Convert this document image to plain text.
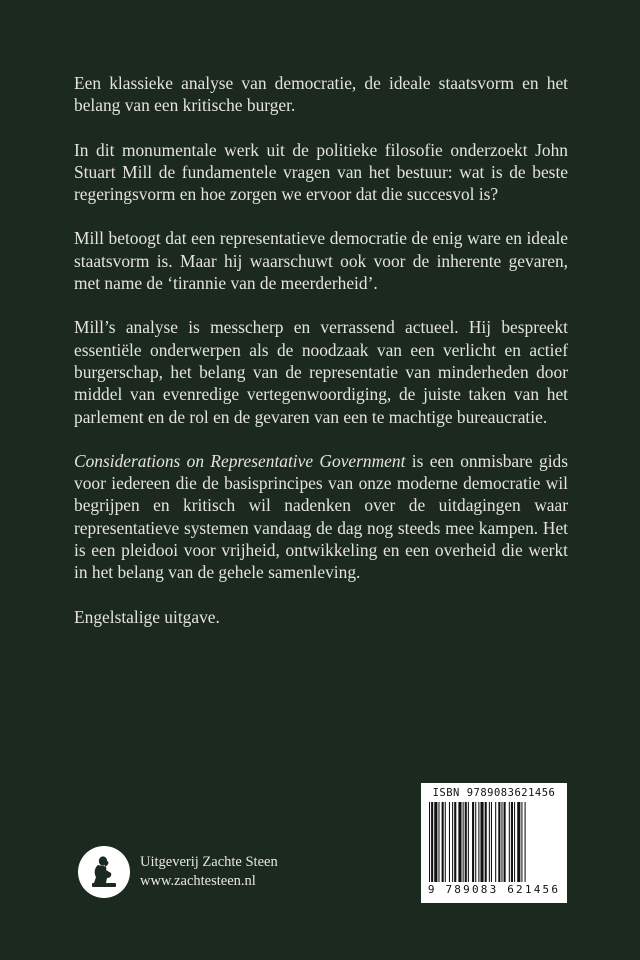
Een klassieke analyse van democratie, de ideale staatsvorm en het belang van een kritische burger.

In dit monumentale werk uit de politieke filosofie onderzoekt John Stuart Mill de fundamentele vragen van het bestuur: wat is de beste regeringsvorm en hoe zorgen we ervoor dat die succesvol is?

Mill betoogt dat een representatieve democratie de enig ware en ideale staatsvorm is. Maar hij waarschuwt ook voor de inherente gevaren, met name de ‘tirannie van de meerderheid’.

Mill’s analyse is messcherp en verrassend actueel. Hij bespreekt essentiële onderwerpen als de noodzaak van een verlicht en actief burgerschap, het belang van de representatie van minderheden door middel van evenredige vertegenwoordiging, de juiste taken van het parlement en de rol en de gevaren van een te machtige bureaucratie.

Considerations on Representative Government is een onmisbare gids voor iedereen die de basisprincipes van onze moderne democratie wil begrijpen en kritisch wil nadenken over de uitdagingen waar representatieve systemen vandaag de dag nog steeds mee kampen. Het is een pleidooi voor vrijheid, ontwikkeling en een overheid die werkt in het belang van de gehele samenleving.

Engelstalige uitgave.

Uitgeverij Zachte Steen
www.zachtesteen.nl
ISBN 9789083621456
9 789083 621456
